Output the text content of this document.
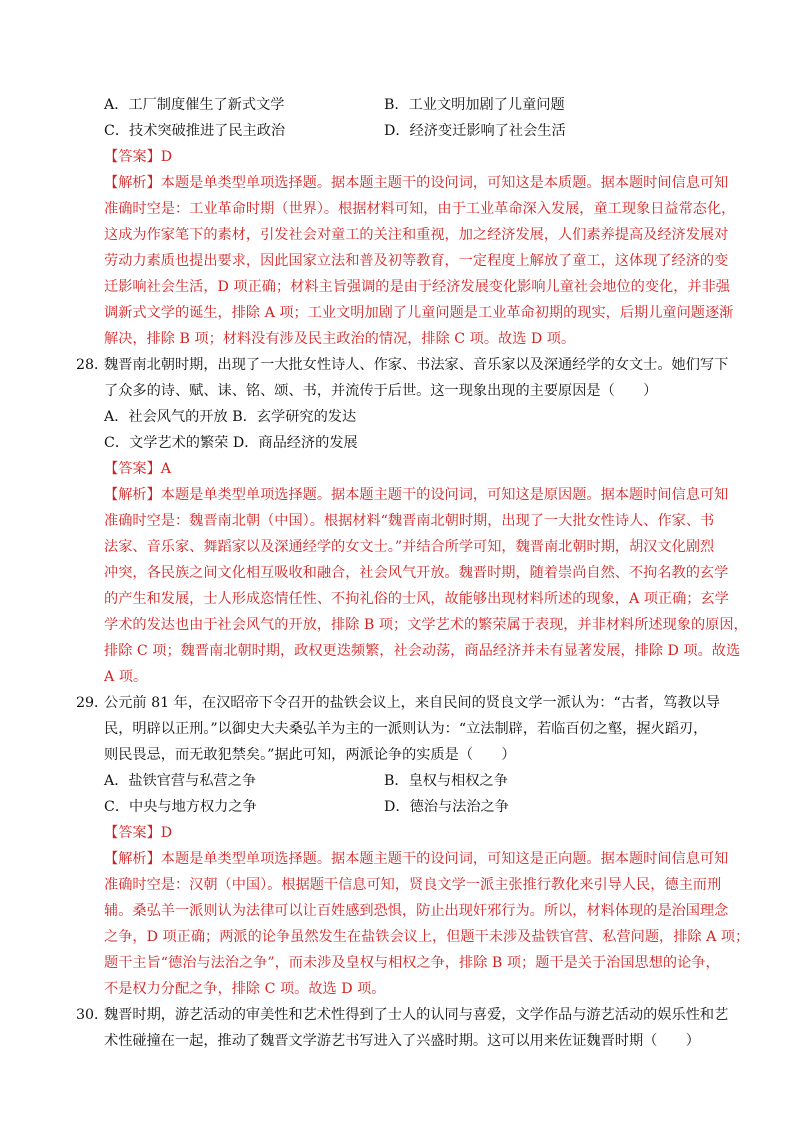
A．工厂制度催生了新式文学	B．工业文明加剧了儿童问题
C．技术突破推进了民主政治	D．经济变迁影响了社会生活
【答案】D
【解析】本题是单类型单项选择题。据本题主题干的设问词，可知这是本质题。据本题时间信息可知
准确时空是：工业革命时期（世界）。根据材料可知，由于工业革命深入发展，童工现象日益常态化，
这成为作家笔下的素材，引发社会对童工的关注和重视，加之经济发展，人们素养提高及经济发展对
劳动力素质也提出要求，因此国家立法和普及初等教育，一定程度上解放了童工，这体现了经济的变
迁影响社会生活，D 项正确；材料主旨强调的是由于经济发展变化影响儿童社会地位的变化，并非强
调新式文学的诞生，排除 A 项；工业文明加剧了儿童问题是工业革命初期的现实，后期儿童问题逐渐
解决，排除 B 项；材料没有涉及民主政治的情况，排除 C 项。故选 D 项。
28．
魏晋南北朝时期，出现了一大批女性诗人、作家、书法家、音乐家以及深通经学的女文士。她们写下
了众多的诗、赋、诔、铭、颂、书，并流传于后世。这一现象出现的主要原因是（　　）
A．社会风气的开放 B．玄学研究的发达
C．文学艺术的繁荣 D．商品经济的发展
【答案】A
【解析】本题是单类型单项选择题。据本题主题干的设问词，可知这是原因题。据本题时间信息可知
准确时空是：魏晋南北朝（中国）。根据材料“魏晋南北朝时期，出现了一大批女性诗人、作家、书
法家、音乐家、舞蹈家以及深通经学的女文士。”并结合所学可知，魏晋南北朝时期，胡汉文化剧烈
冲突，各民族之间文化相互吸收和融合，社会风气开放。魏晋时期，随着崇尚自然、不拘名教的玄学
的产生和发展，士人形成恣情任性、不拘礼俗的士风，故能够出现材料所述的现象，A 项正确；玄学
学术的发达也由于社会风气的开放，排除 B 项；文学艺术的繁荣属于表现，并非材料所述现象的原因，
排除 C 项；魏晋南北朝时期，政权更迭频繁，社会动荡，商品经济并未有显著发展，排除 D 项。故选
A 项。
29．
公元前 81 年，在汉昭帝下令召开的盐铁会议上，来自民间的贤良文学一派认为：“古者，笃教以导
民，明辟以正刑。”以御史大夫桑弘羊为主的一派则认为：“立法制辟，若临百仞之壑，握火蹈刃，
则民畏忌，而无敢犯禁矣。”据此可知，两派论争的实质是（　　）
A．盐铁官营与私营之争	B．皇权与相权之争
C．中央与地方权力之争	D．德治与法治之争
【答案】D
【解析】本题是单类型单项选择题。据本题主题干的设问词，可知这是正向题。据本题时间信息可知
准确时空是：汉朝（中国）。根据题干信息可知，贤良文学一派主张推行教化来引导人民，德主而刑
辅。桑弘羊一派则认为法律可以让百姓感到恐惧，防止出现奸邪行为。所以，材料体现的是治国理念
之争，D 项正确；两派的论争虽然发生在盐铁会议上，但题干未涉及盐铁官营、私营问题，排除 A 项；
题干主旨“德治与法治之争”，而未涉及皇权与相权之争，排除 B 项；题干是关于治国思想的论争，
不是权力分配之争，排除 C 项。故选 D 项。
30．
魏晋时期，游艺活动的审美性和艺术性得到了士人的认同与喜爱，文学作品与游艺活动的娱乐性和艺
术性碰撞在一起，推动了魏晋文学游艺书写进入了兴盛时期。这可以用来佐证魏晋时期（　　）
